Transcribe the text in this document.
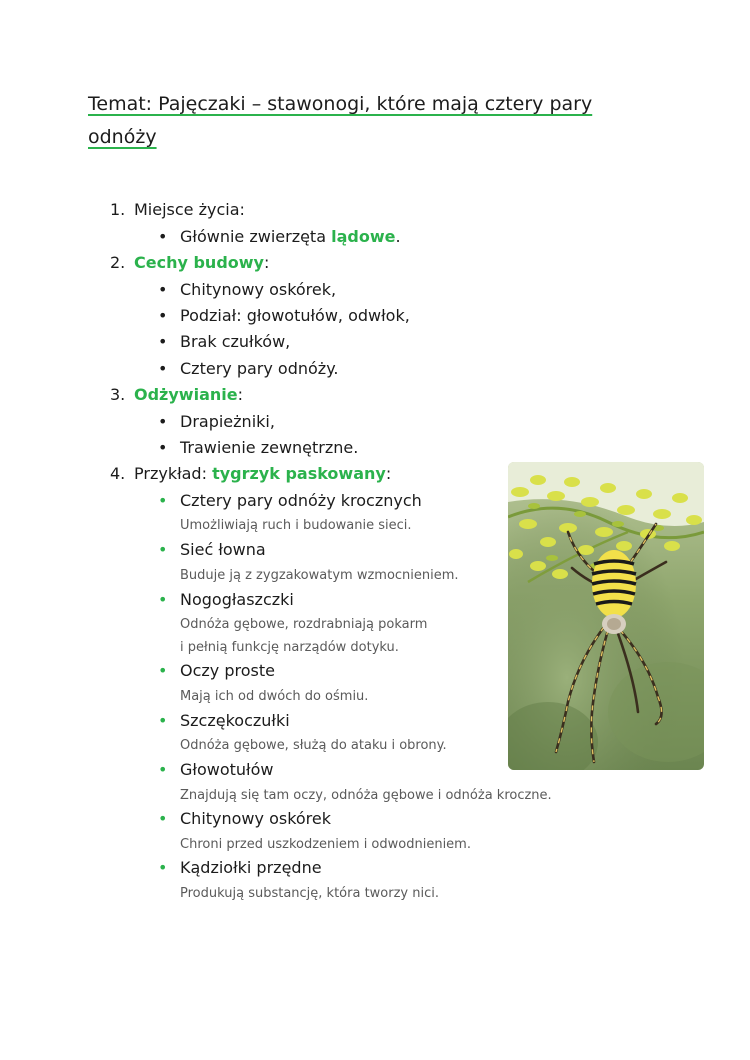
Temat: Pajęczaki – stawonogi, które mają cztery pary odnóży
1. Miejsce życia:
• Głównie zwierzęta lądowe.
2. Cechy budowy:
• Chitynowy oskórek,
• Podział: głowotułów, odwłok,
• Brak czułków,
• Cztery pary odnóży.
3. Odżywianie:
• Drapieżniki,
• Trawienie zewnętrzne.
4. Przykład: tygrzyk paskowany:
• Cztery pary odnóży krocznych
Umożliwiają ruch i budowanie sieci.
• Sieć łowna
Buduje ją z zygzakowatym wzmocnieniem.
• Nogogłaszczki
Odnóża gębowe, rozdrabniają pokarm
i pełnią funkcję narządów dotyku.
• Oczy proste
Mają ich od dwóch do ośmiu.
• Szczękoczułki
Odnóża gębowe, służą do ataku i obrony.
• Głowotułów
Znajdują się tam oczy, odnóża gębowe i odnóża kroczne.
• Chitynowy oskórek
Chroni przed uszkodzeniem i odwodnieniem.
• Kądziołki przędne
Produkują substancję, która tworzy nici.
